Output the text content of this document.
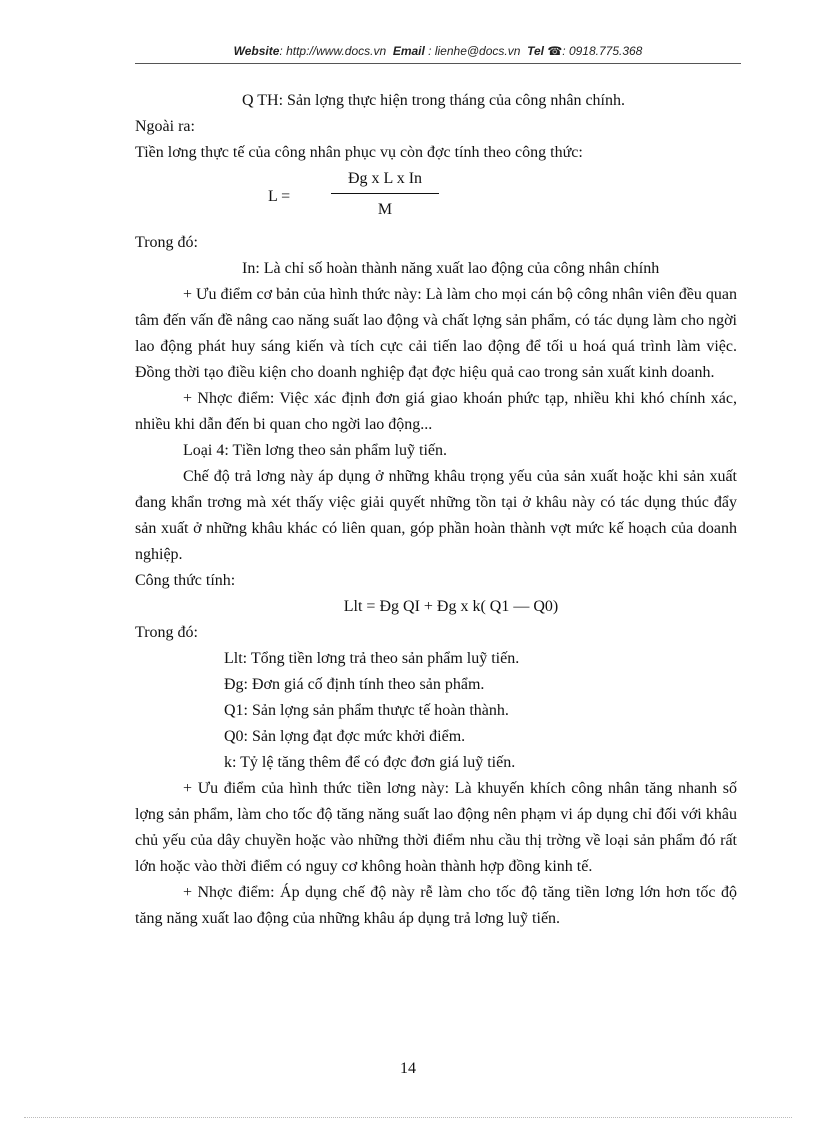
Website: http://www.docs.vn Email : lienhe@docs.vn Tel ☎: 0918.775.368

Q TH: Sản lợng thực hiện trong tháng của công nhân chính.

Ngoài ra:

Tiền lơng thực tế của công nhân phục vụ còn đợc tính theo công thức:

L =
Đg x L x In
M

Trong đó:

In: Là chỉ số hoàn thành năng xuất lao động của công nhân chính

+ Ưu điểm cơ bản của hình thức này: Là làm cho mọi cán bộ công nhân viên đều quan tâm đến vấn đề nâng cao năng suất lao động và chất lợng sản phẩm, có tác dụng làm cho ngời lao động phát huy sáng kiến và tích cực cải tiến lao động để tối u hoá quá trình làm việc. Đồng thời tạo điều kiện cho doanh nghiệp đạt đợc hiệu quả cao trong sản xuất kinh doanh.

+ Nhợc điểm: Việc xác định đơn giá giao khoán phức tạp, nhiều khi khó chính xác, nhiều khi dẫn đến bi quan cho ngời lao động...

Loại 4: Tiền lơng theo sản phẩm luỹ tiến.

Chế độ trả lơng này áp dụng ở những khâu trọng yếu của sản xuất hoặc khi sản xuất đang khẩn trơng mà xét thấy việc giải quyết những tồn tại ở khâu này có tác dụng thúc đẩy sản xuất ở những khâu khác có liên quan, góp phần hoàn thành vợt mức kế hoạch của doanh nghiệp.

Công thức tính:

Llt = Đg QI + Đg x k( Q1 — Q0)

Trong đó:

Llt: Tổng tiền lơng trả theo sản phẩm luỹ tiến.

Đg: Đơn giá cố định tính theo sản phẩm.

Q1: Sản lợng sản phẩm thưực tế hoàn thành.

Q0: Sản lợng đạt đợc mức khởi điểm.

k: Tỷ lệ tăng thêm để có đợc đơn giá luỹ tiến.

+ Ưu điểm của hình thức tiền lơng này: Là khuyến khích công nhân tăng nhanh số lợng sản phẩm, làm cho tốc độ tăng năng suất lao động nên phạm vi áp dụng chỉ đối với khâu chủ yếu của dây chuyền hoặc vào những thời điểm nhu cầu thị trờng về loại sản phẩm đó rất lớn hoặc vào thời điểm có nguy cơ không hoàn thành hợp đồng kinh tế.

+ Nhợc điểm: Áp dụng chế độ này rễ làm cho tốc độ tăng tiền lơng lớn hơn tốc độ tăng năng xuất lao động của những khâu áp dụng trả lơng luỹ tiến.

14
